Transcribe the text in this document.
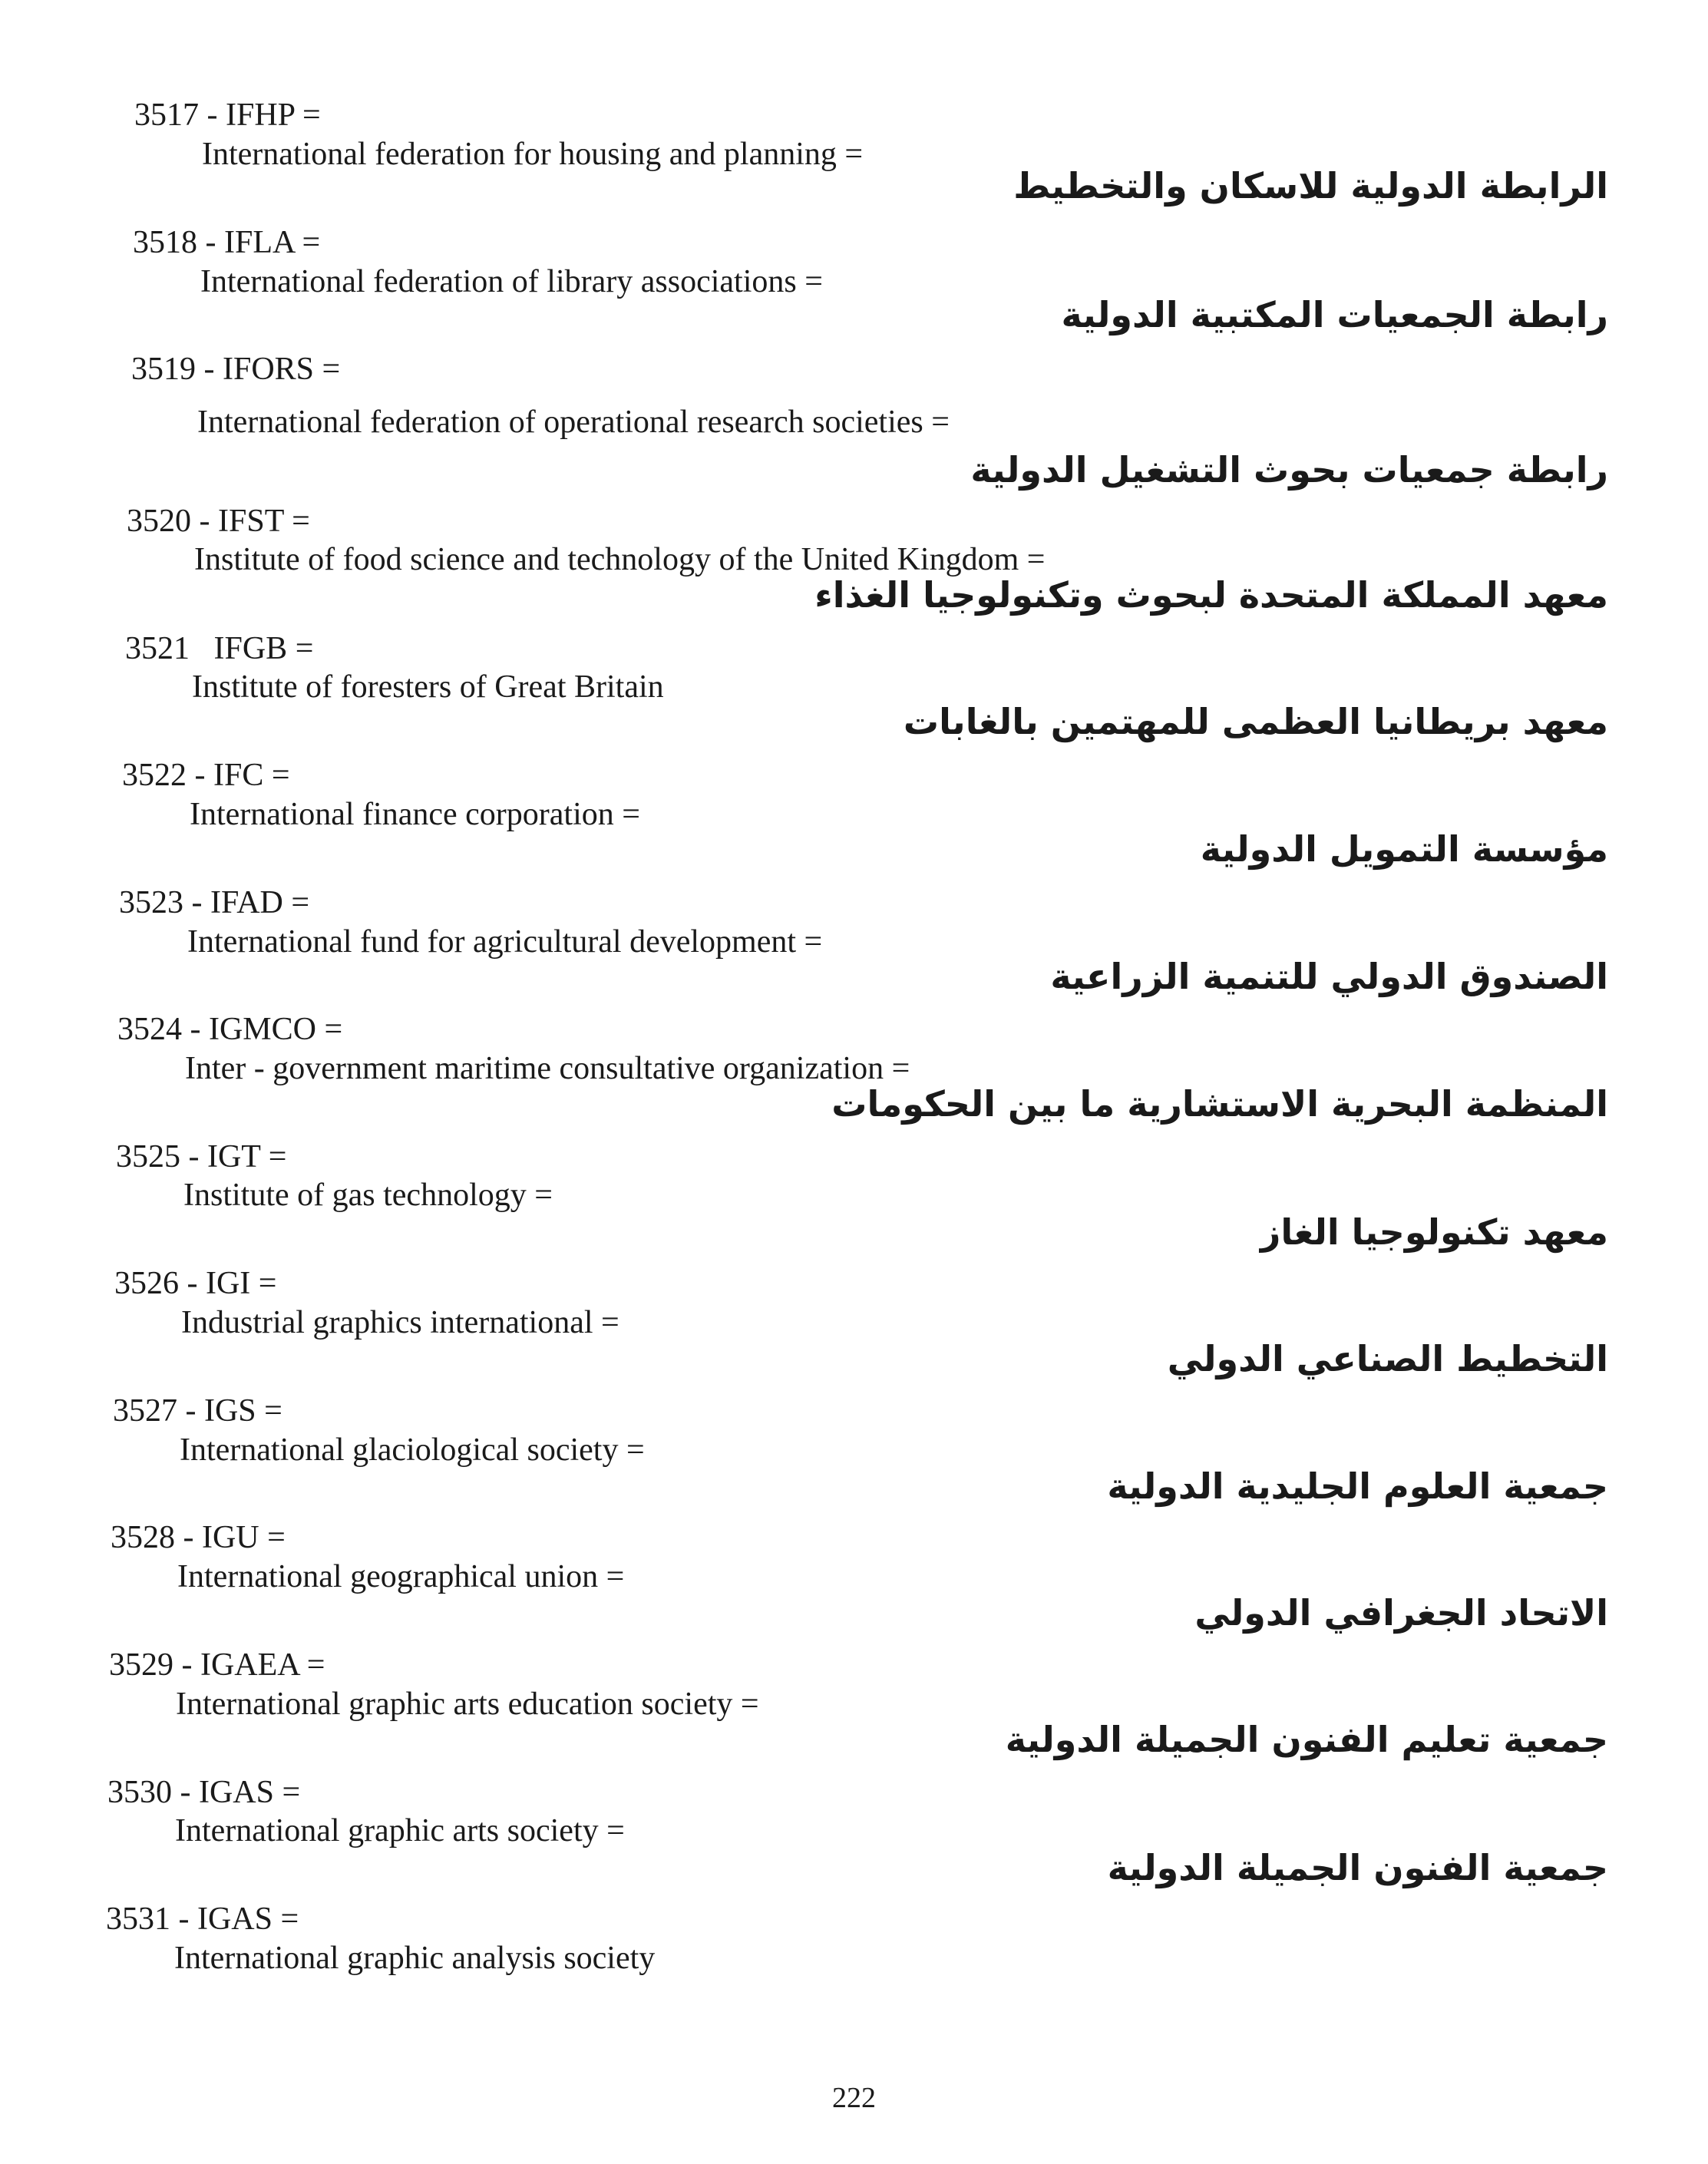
3517 - IFHP =
International federation for housing and planning =
الرابطة الدولية للاسكان والتخطيط
3518 - IFLA =
International federation of library associations =
رابطة الجمعيات المكتبية الدولية
3519 - IFORS =
International federation of operational research societies =
رابطة جمعيات بحوث التشغيل الدولية
3520 - IFST =
Institute of food science and technology of the United Kingdom =
معهد المملكة المتحدة لبحوث وتكنولوجيا الغذاء
3521   IFGB =
Institute of foresters of Great Britain
معهد بريطانيا العظمى للمهتمين بالغابات
3522 - IFC =
International finance corporation =
مؤسسة التمويل الدولية
3523 - IFAD =
International fund for agricultural development =
الصندوق الدولي للتنمية الزراعية
3524 - IGMCO =
Inter - government maritime consultative organization =
المنظمة البحرية الاستشارية ما بين الحكومات
3525 - IGT =
Institute of gas technology =
معهد تكنولوجيا الغاز
3526 - IGI =
Industrial graphics international =
التخطيط الصناعي الدولي
3527 - IGS =
International glaciological society =
جمعية العلوم الجليدية الدولية
3528 - IGU =
International geographical union =
الاتحاد الجغرافي الدولي
3529 - IGAEA =
International graphic arts education society =
جمعية تعليم الفنون الجميلة الدولية
3530 - IGAS =
International graphic arts society =
جمعية الفنون الجميلة الدولية
3531 - IGAS =
International graphic analysis society
222
